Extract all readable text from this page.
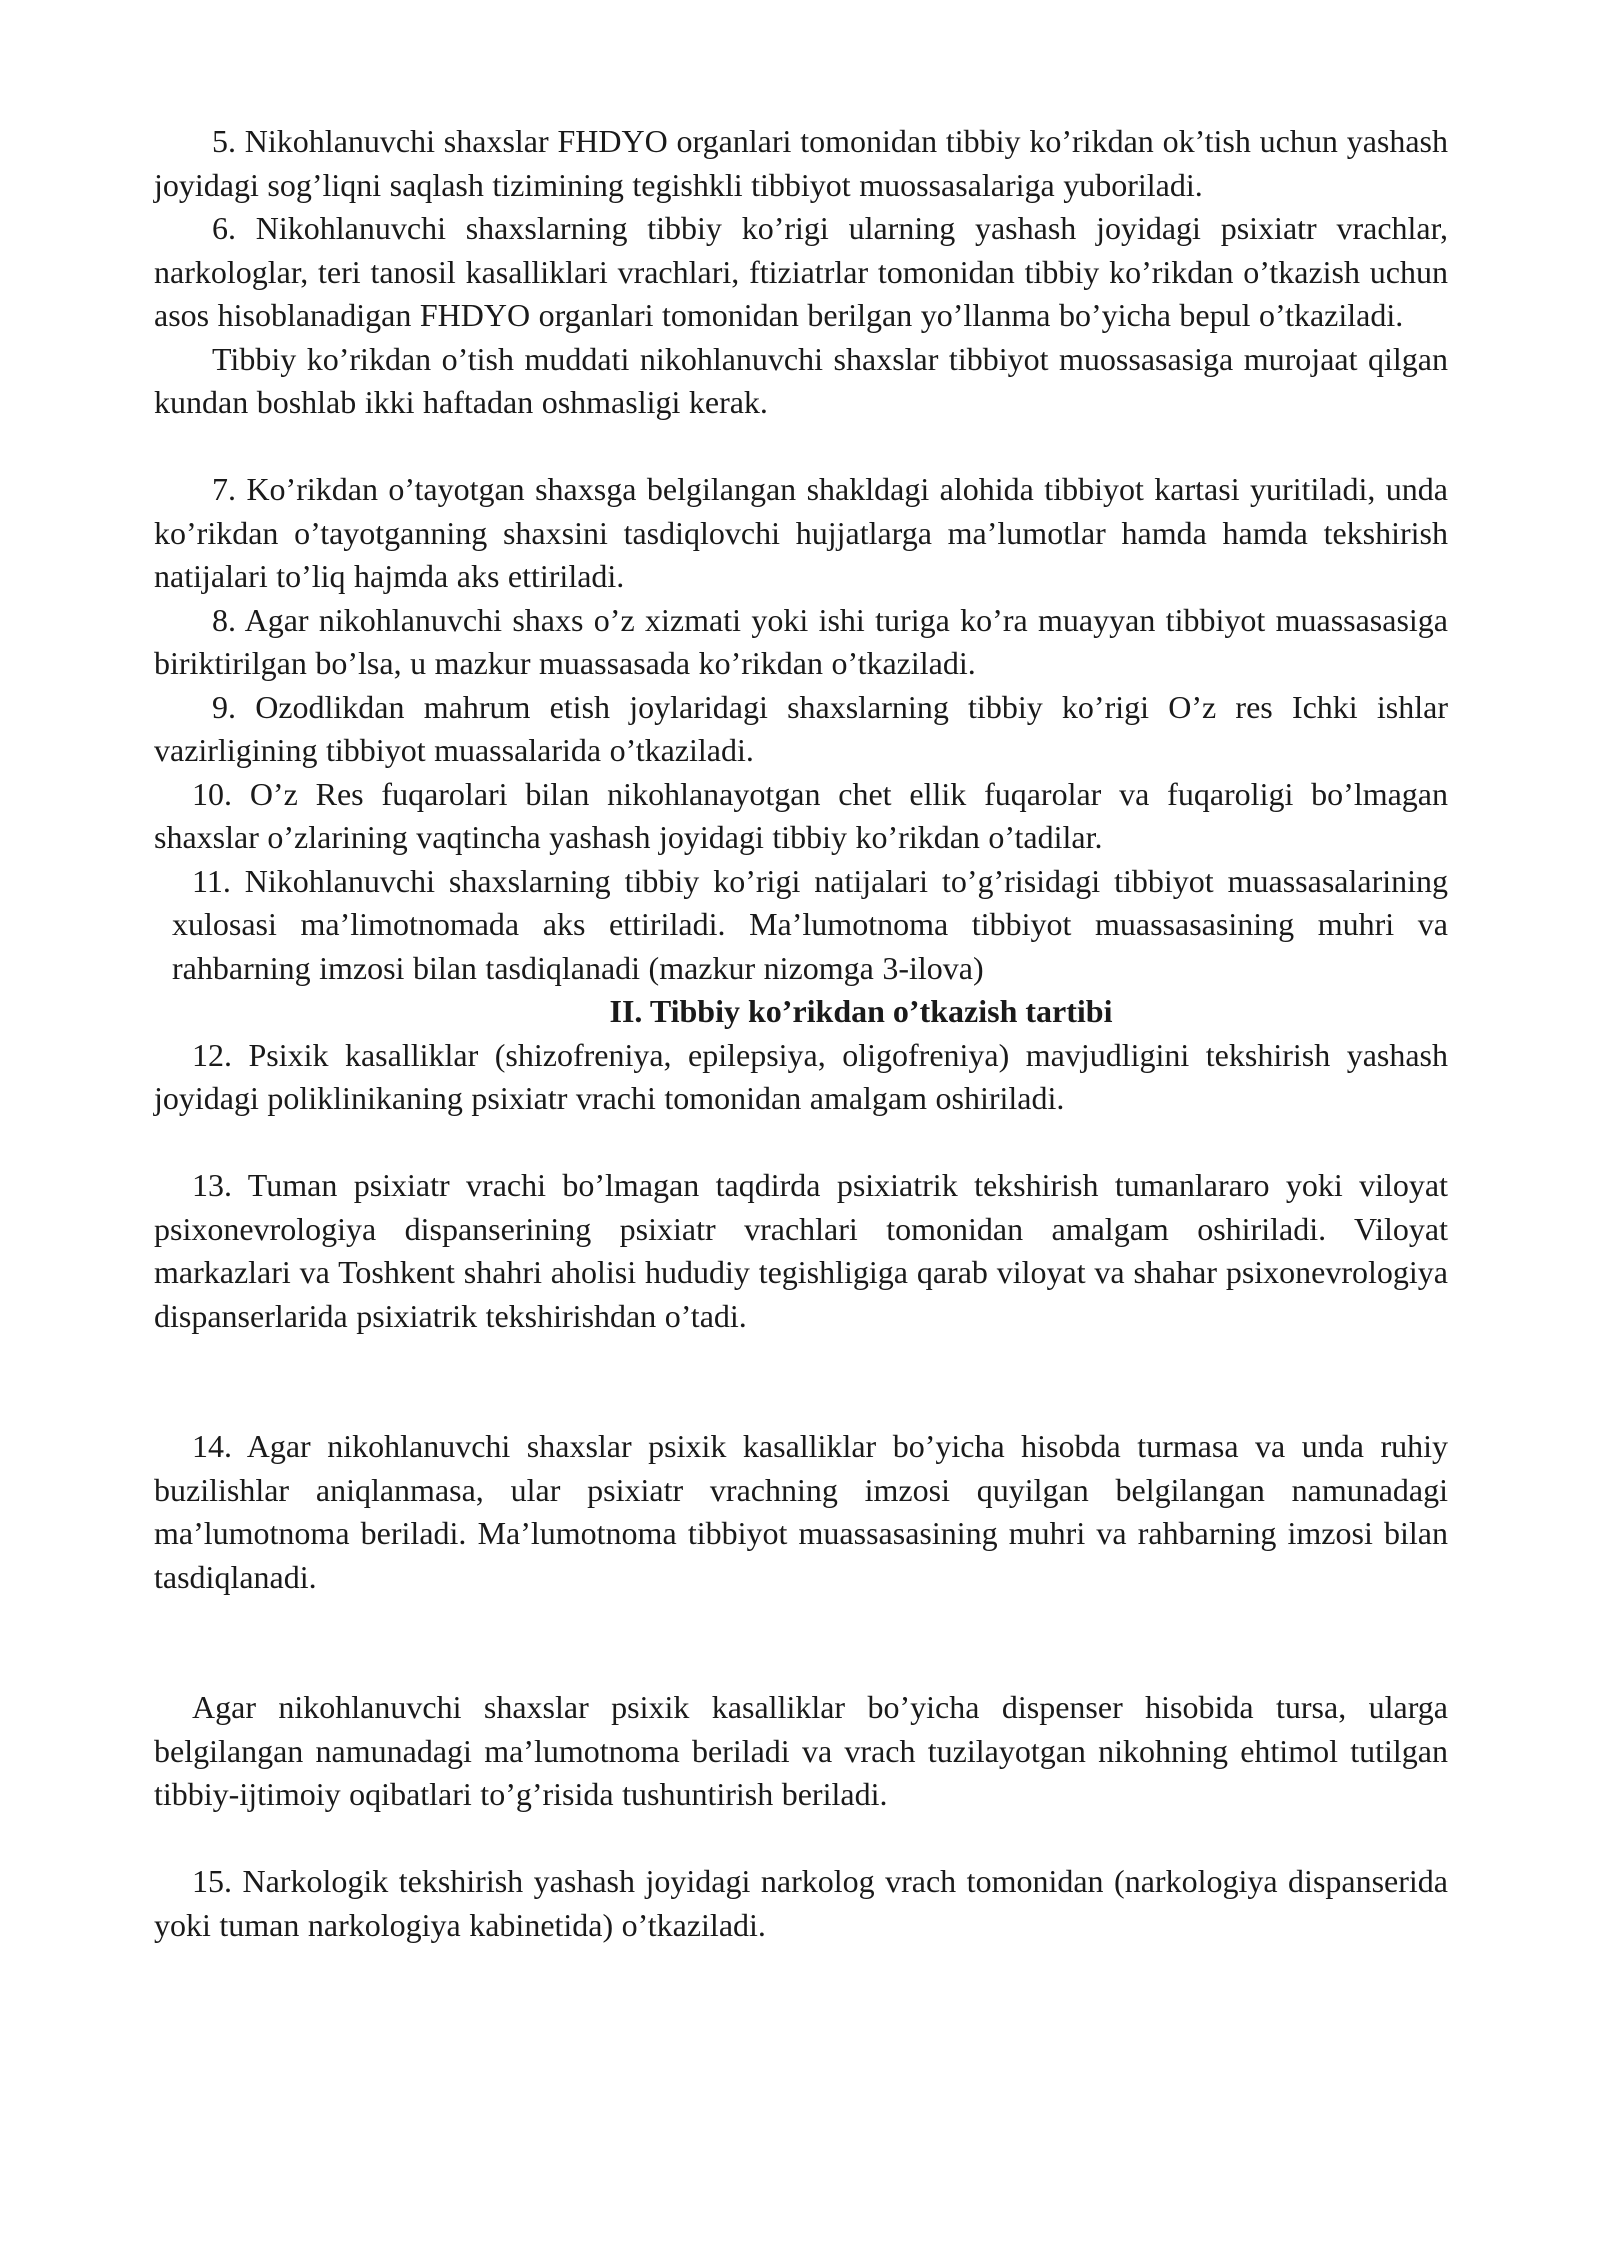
5. Nikohlanuvchi shaxslar FHDYO organlari tomonidan tibbiy ko’rikdan ok’tish uchun yashash joyidagi sog’liqni saqlash tizimining tegishkli tibbiyot muossasalariga yuboriladi.

6. Nikohlanuvchi shaxslarning tibbiy ko’rigi ularning yashash joyidagi psixiatr vrachlar, narkologlar, teri tanosil kasalliklari vrachlari, ftiziatrlar tomonidan tibbiy ko’rikdan o’tkazish uchun asos hisoblanadigan FHDYO organlari tomonidan berilgan yo’llanma bo’yicha bepul o’tkaziladi.

Tibbiy ko’rikdan o’tish muddati nikohlanuvchi shaxslar tibbiyot muossasasiga murojaat qilgan kundan boshlab ikki haftadan oshmasligi kerak.

7. Ko’rikdan o’tayotgan shaxsga belgilangan shakldagi alohida tibbiyot kartasi yuritiladi, unda ko’rikdan o’tayotganning shaxsini tasdiqlovchi hujjatlarga ma’lumotlar hamda hamda tekshirish natijalari to’liq hajmda aks ettiriladi.

8. Agar nikohlanuvchi shaxs o’z xizmati yoki ishi turiga ko’ra muayyan tibbiyot muassasasiga biriktirilgan bo’lsa, u mazkur muassasada ko’rikdan o’tkaziladi.

9. Ozodlikdan mahrum etish joylaridagi shaxslarning tibbiy ko’rigi O’z res Ichki ishlar vazirligining tibbiyot muassalarida o’tkaziladi.

10. O’z Res fuqarolari bilan nikohlanayotgan chet ellik fuqarolar va fuqaroligi bo’lmagan shaxslar o’zlarining vaqtincha yashash joyidagi tibbiy ko’rikdan o’tadilar.

11. Nikohlanuvchi shaxslarning tibbiy ko’rigi natijalari to’g’risidagi tibbiyot muassasalarining xulosasi ma’limotnomada aks ettiriladi. Ma’lumotnoma tibbiyot muassasasining muhri va rahbarning imzosi bilan tasdiqlanadi (mazkur nizomga 3-ilova)

II. Tibbiy ko’rikdan o’tkazish tartibi

12. Psixik kasalliklar (shizofreniya, epilepsiya, oligofreniya) mavjudligini tekshirish yashash joyidagi poliklinikaning psixiatr vrachi tomonidan amalgam oshiriladi.

13. Tuman psixiatr vrachi bo’lmagan taqdirda psixiatrik tekshirish tumanlararo yoki viloyat psixonevrologiya dispanserining psixiatr vrachlari tomonidan amalgam oshiriladi. Viloyat markazlari va Toshkent shahri aholisi hududiy tegishligiga qarab viloyat va shahar psixonevrologiya dispanserlarida psixiatrik tekshirishdan o’tadi.

14. Agar nikohlanuvchi shaxslar psixik kasalliklar bo’yicha hisobda turmasa va unda ruhiy buzilishlar aniqlanmasa, ular psixiatr vrachning imzosi quyilgan belgilangan namunadagi ma’lumotnoma beriladi. Ma’lumotnoma tibbiyot muassasasining muhri va rahbarning imzosi bilan tasdiqlanadi.

Agar nikohlanuvchi shaxslar psixik kasalliklar bo’yicha dispenser hisobida tursa, ularga belgilangan namunadagi ma’lumotnoma beriladi va vrach tuzilayotgan nikohning ehtimol tutilgan tibbiy-ijtimoiy oqibatlari to’g’risida tushuntirish beriladi.

15. Narkologik tekshirish yashash joyidagi narkolog vrach tomonidan (narkologiya dispanserida yoki tuman narkologiya kabinetida) o’tkaziladi.
